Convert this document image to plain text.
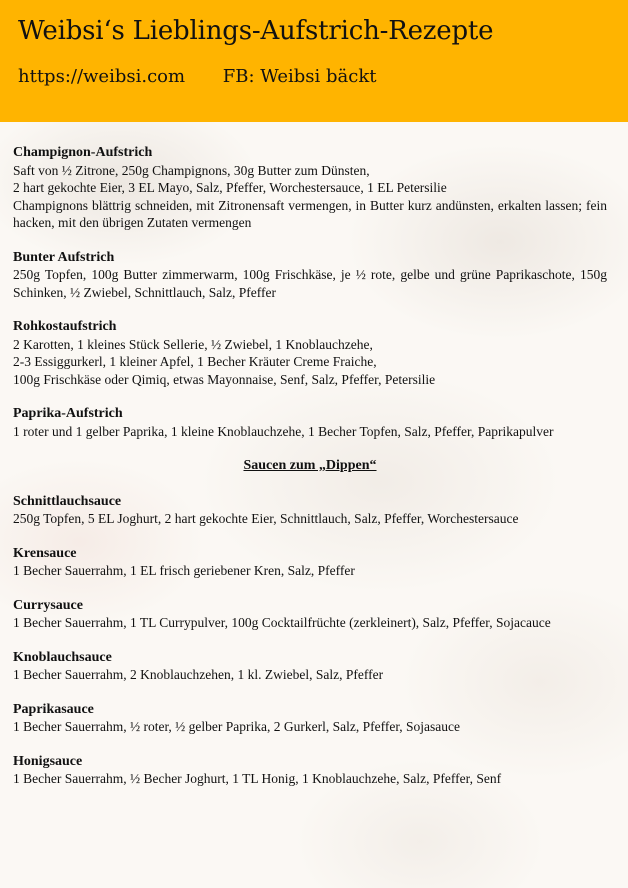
Weibsi‘s Lieblings-Aufstrich-Rezepte
https://weibsi.com FB: Weibsi bäckt
Champignon-Aufstrich

Saft von ½ Zitrone, 250g Champignons, 30g Butter zum Dünsten,

2 hart gekochte Eier, 3 EL Mayo, Salz, Pfeffer, Worchestersauce, 1 EL Petersilie

Champignons blättrig schneiden, mit Zitronensaft vermengen, in Butter kurz andünsten, erkalten lassen; fein hacken, mit den übrigen Zutaten vermengen

Bunter Aufstrich

250g Topfen, 100g Butter zimmerwarm, 100g Frischkäse, je ½ rote, gelbe und grüne Paprikaschote, 150g Schinken, ½ Zwiebel, Schnittlauch, Salz, Pfeffer

Rohkostaufstrich

2 Karotten, 1 kleines Stück Sellerie, ½ Zwiebel, 1 Knoblauchzehe,

2-3 Essiggurkerl, 1 kleiner Apfel, 1 Becher Kräuter Creme Fraiche,

100g Frischkäse oder Qimiq, etwas Mayonnaise, Senf, Salz, Pfeffer, Petersilie

Paprika-Aufstrich

1 roter und 1 gelber Paprika, 1 kleine Knoblauchzehe, 1 Becher Topfen, Salz, Pfeffer, Paprikapulver

Saucen zum „Dippen“
Schnittlauchsauce

250g Topfen, 5 EL Joghurt, 2 hart gekochte Eier, Schnittlauch, Salz, Pfeffer, Worchestersauce

Krensauce

1 Becher Sauerrahm, 1 EL frisch geriebener Kren, Salz, Pfeffer

Currysauce

1 Becher Sauerrahm, 1 TL Currypulver, 100g Cocktailfrüchte (zerkleinert), Salz, Pfeffer, Sojacauce

Knoblauchsauce

1 Becher Sauerrahm, 2 Knoblauchzehen, 1 kl. Zwiebel, Salz, Pfeffer

Paprikasauce

1 Becher Sauerrahm, ½ roter, ½ gelber Paprika, 2 Gurkerl, Salz, Pfeffer, Sojasauce

Honigsauce

1 Becher Sauerrahm, ½ Becher Joghurt, 1 TL Honig, 1 Knoblauchzehe, Salz, Pfeffer, Senf
